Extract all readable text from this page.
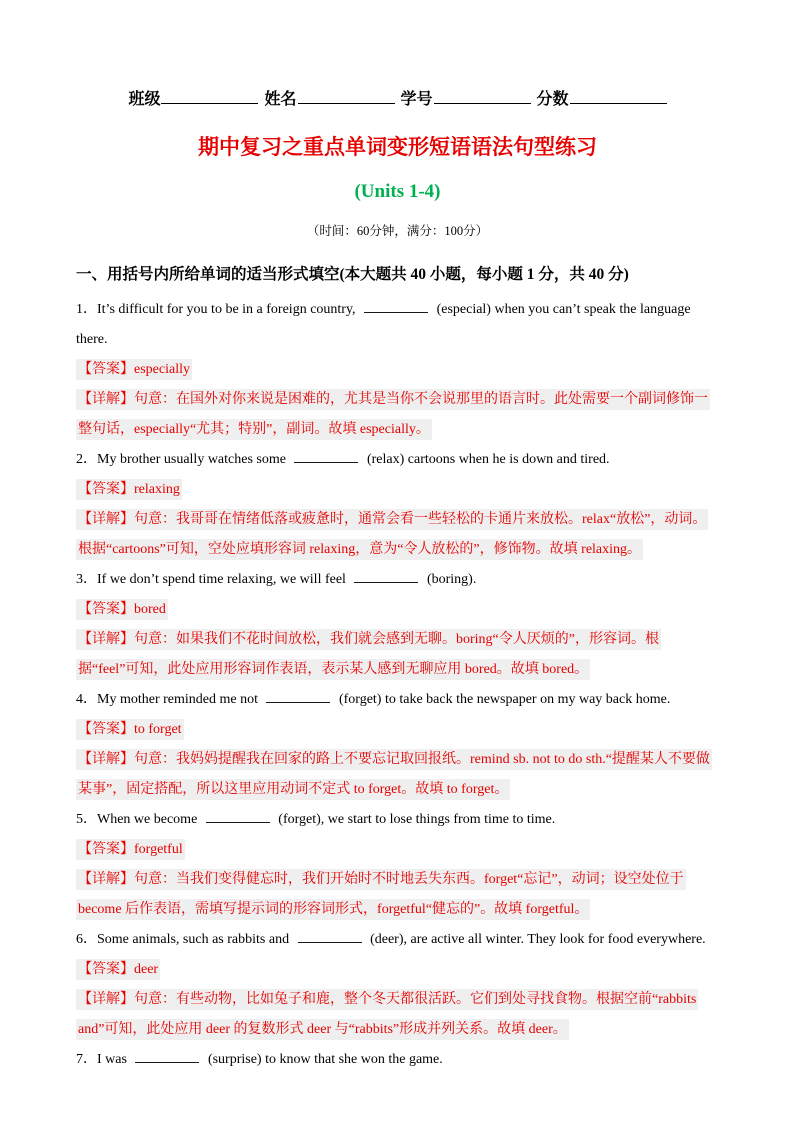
班级	姓名	学号	分数
期中复习之重点单词变形短语语法句型练习
(Units 1-4)

（时间：60分钟，满分：100分）

一、用括号内所给单词的适当形式填空(本大题共 40 小题，每小题 1 分，共 40 分)

1．It’s difficult for you to be in a foreign country,	(especial) when you can’t speak the language there.

【答案】especially

【详解】句意：在国外对你来说是困难的，尤其是当你不会说那里的语言时。此处需要一个副词修饰一整句话，especially“尤其；特别”，副词。故填 especially。

2．My brother usually watches some	(relax) cartoons when he is down and tired.

【答案】relaxing

【详解】句意：我哥哥在情绪低落或疲惫时，通常会看一些轻松的卡通片来放松。relax“放松”，动词。根据“cartoons”可知，空处应填形容词 relaxing，意为“令人放松的”，修饰物。故填 relaxing。

3．If we don’t spend time relaxing, we will feel	(boring).

【答案】bored

【详解】句意：如果我们不花时间放松，我们就会感到无聊。boring“令人厌烦的”，形容词。根据“feel”可知，此处应用形容词作表语，表示某人感到无聊应用 bored。故填 bored。

4．My mother reminded me not	(forget) to take back the newspaper on my way back home.

【答案】to forget

【详解】句意：我妈妈提醒我在回家的路上不要忘记取回报纸。remind sb. not to do sth.“提醒某人不要做某事”，固定搭配，所以这里应用动词不定式 to forget。故填 to forget。

5．When we become	(forget), we start to lose things from time to time.

【答案】forgetful

【详解】句意：当我们变得健忘时，我们开始时不时地丢失东西。forget“忘记”，动词；设空处位于 become 后作表语，需填写提示词的形容词形式，forgetful“健忘的”。故填 forgetful。

6．Some animals, such as rabbits and	(deer), are active all winter. They look for food everywhere.

【答案】deer

【详解】句意：有些动物，比如兔子和鹿，整个冬天都很活跃。它们到处寻找食物。根据空前“rabbits and”可知，此处应用 deer 的复数形式 deer 与“rabbits”形成并列关系。故填 deer。

7．I was	(surprise) to know that she won the game.
